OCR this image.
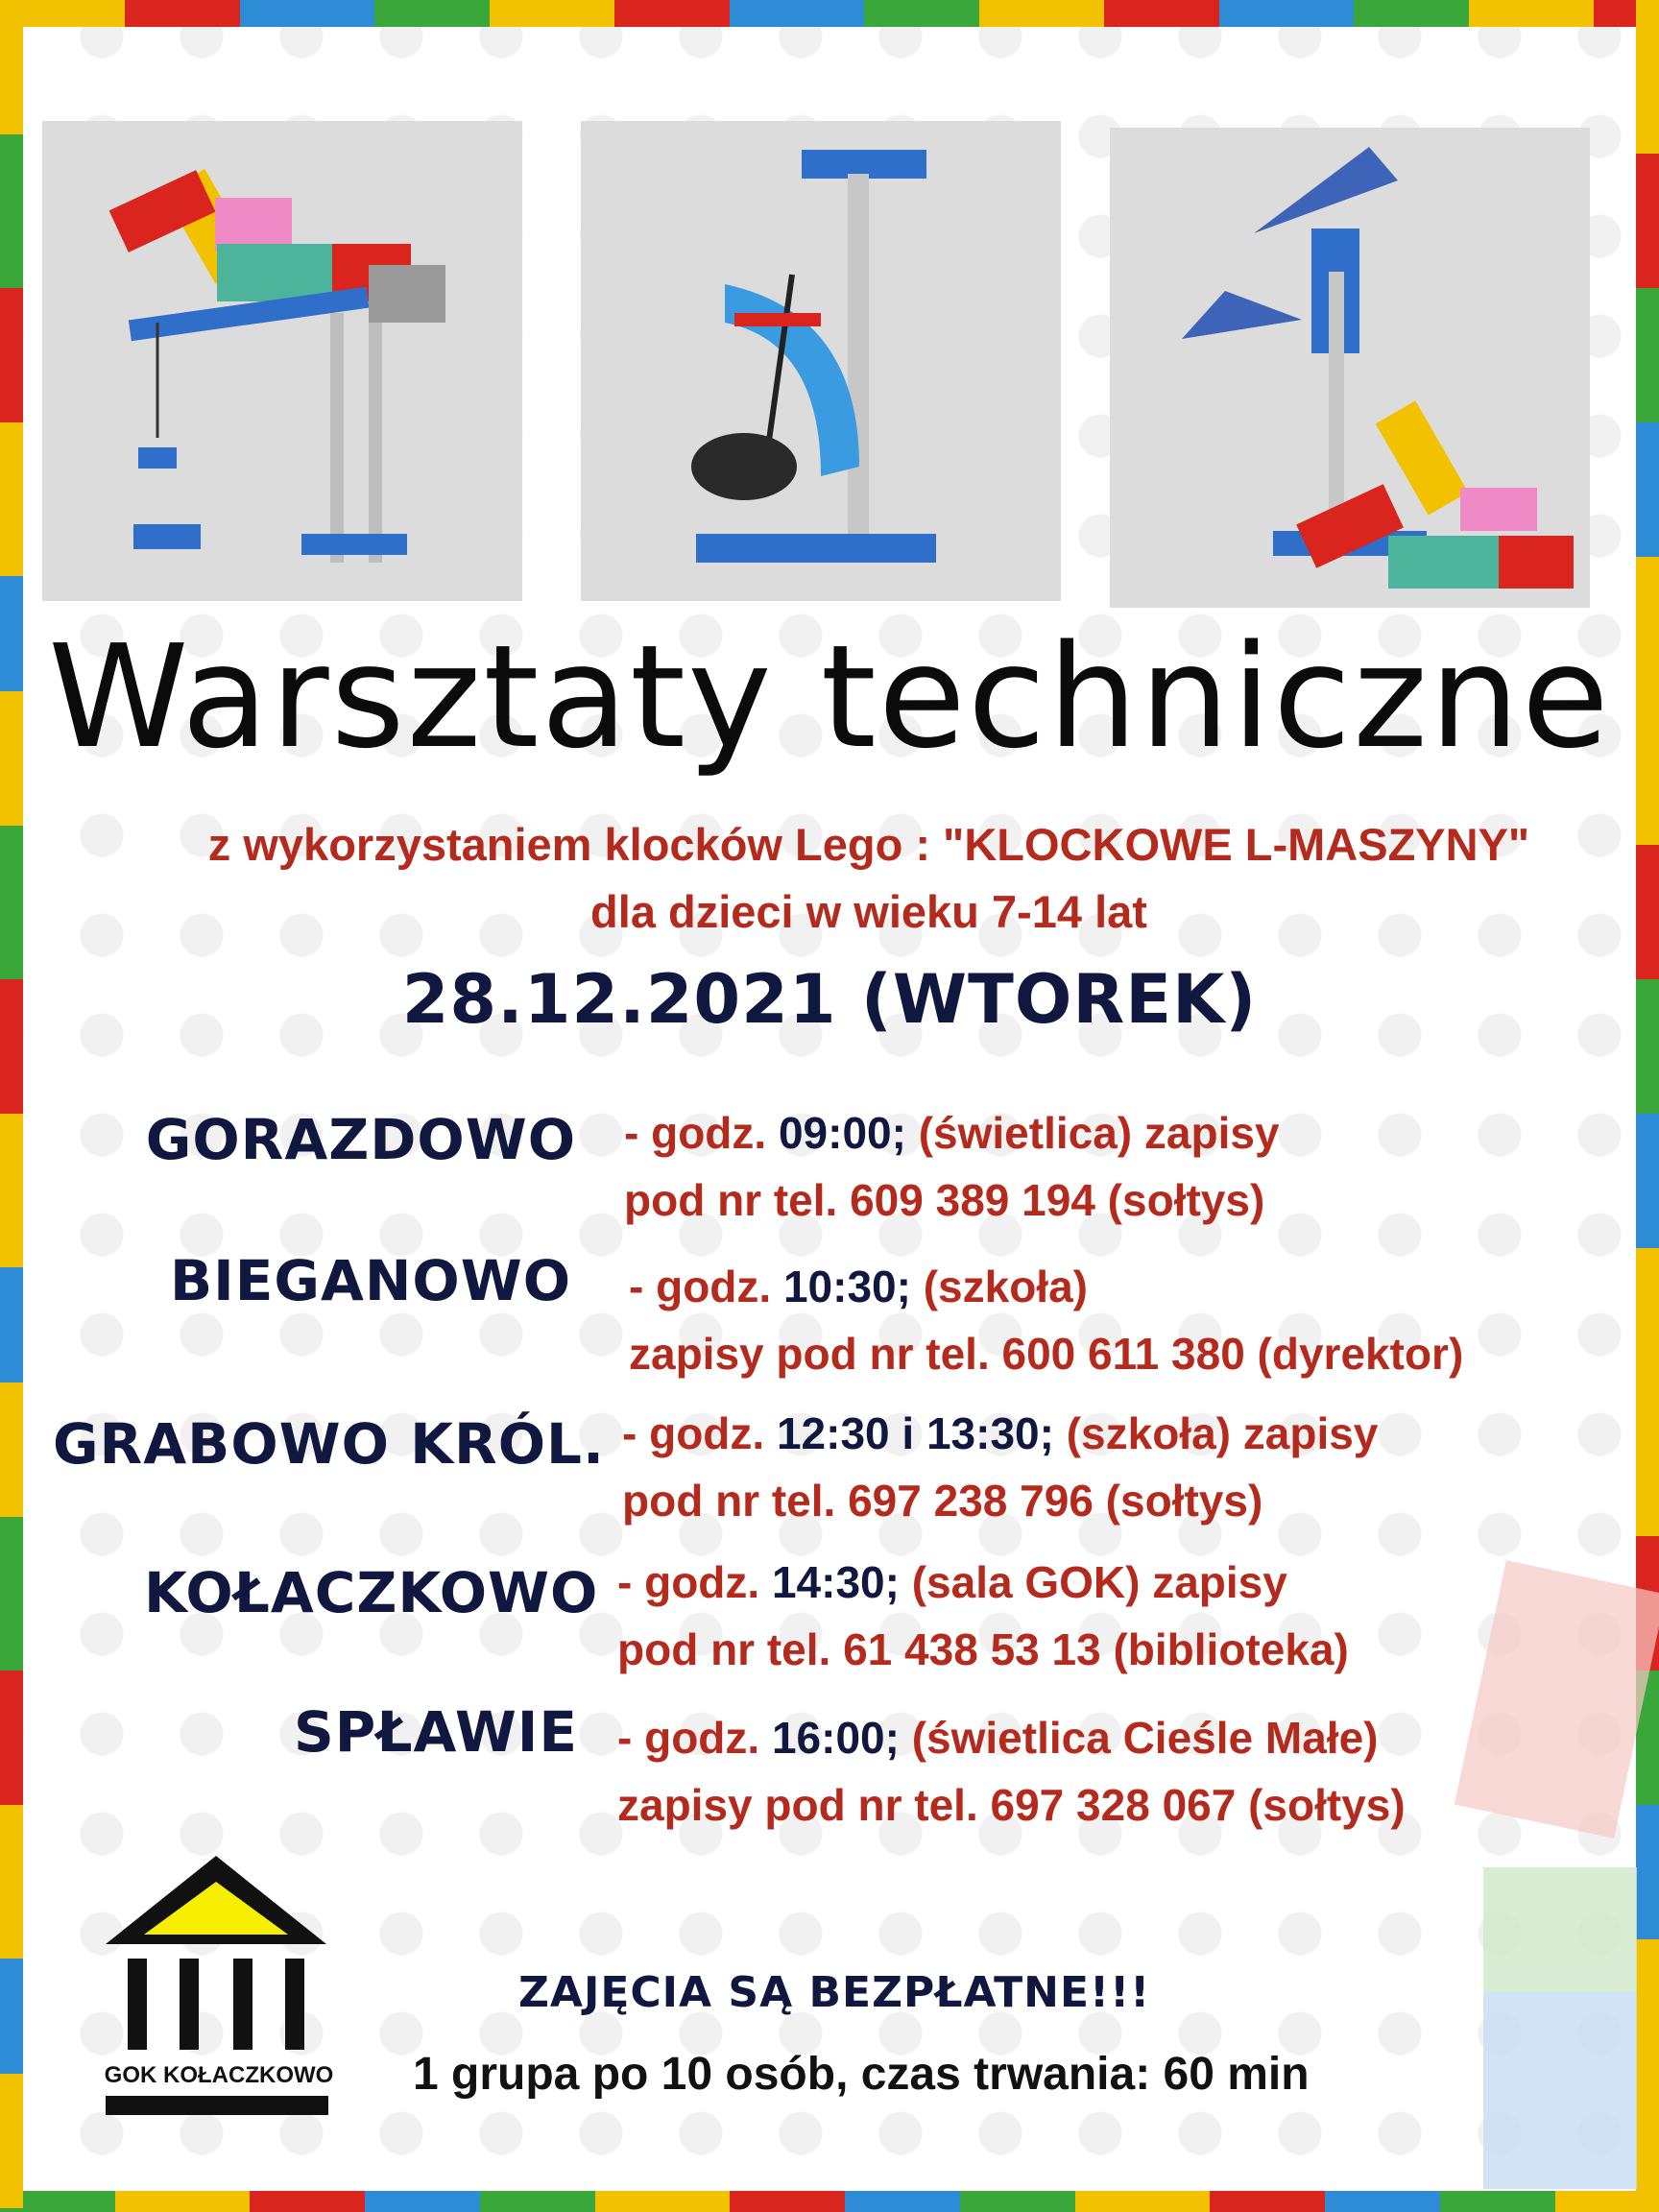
Warsztaty techniczne
z wykorzystaniem klocków Lego : "KLOCKOWE L-MASZYNY"
dla dzieci w wieku 7-14 lat
28.12.2021 (WTOREK)
GORAZDOWO - godz. 09:00; (świetlica) zapisy
pod nr tel. 609 389 194 (sołtys)
BIEGANOWO - godz. 10:30; (szkoła)
zapisy pod nr tel. 600 611 380 (dyrektor)
GRABOWO KRÓL. - godz. 12:30 i 13:30; (szkoła) zapisy
pod nr tel. 697 238 796 (sołtys)
KOŁACZKOWO - godz. 14:30; (sala GOK) zapisy
pod nr tel. 61 438 53 13 (biblioteka)
SPŁAWIE - godz. 16:00; (świetlica Cieśle Małe)
zapisy pod nr tel. 697 328 067 (sołtys)
GOK KOŁACZKOWO
ZAJĘCIA SĄ BEZPŁATNE!!!
1 grupa po 10 osób, czas trwania: 60 min
